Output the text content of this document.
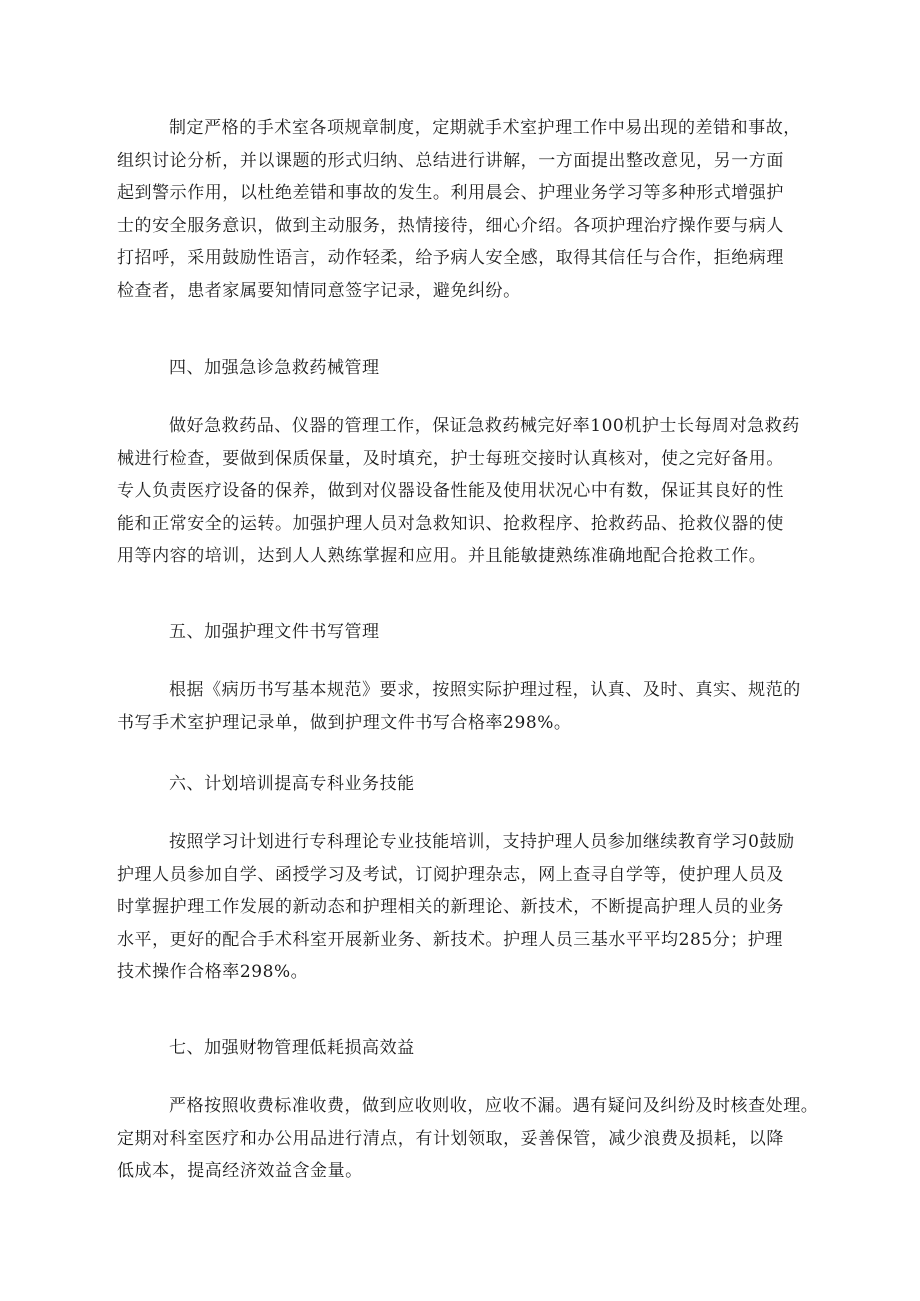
制定严格的手术室各项规章制度，定期就手术室护理工作中易出现的差错和事故，
组织讨论分析，并以课题的形式归纳、总结进行讲解，一方面提出整改意见，另一方面
起到警示作用，以杜绝差错和事故的发生。利用晨会、护理业务学习等多种形式增强护
士的安全服务意识，做到主动服务，热情接待，细心介绍。各项护理治疗操作要与病人
打招呼，采用鼓励性语言，动作轻柔，给予病人安全感，取得其信任与合作，拒绝病理
检查者，患者家属要知情同意签字记录，避免纠纷。
四、加强急诊急救药械管理
做好急救药品、仪器的管理工作，保证急救药械完好率100机护士长每周对急救药
械进行检查，要做到保质保量，及时填充，护士每班交接时认真核对，使之完好备用。
专人负责医疗设备的保养，做到对仪器设备性能及使用状况心中有数，保证其良好的性
能和正常安全的运转。加强护理人员对急救知识、抢救程序、抢救药品、抢救仪器的使
用等内容的培训，达到人人熟练掌握和应用。并且能敏捷熟练准确地配合抢救工作。
五、加强护理文件书写管理
根据《病历书写基本规范》要求，按照实际护理过程，认真、及时、真实、规范的
书写手术室护理记录单，做到护理文件书写合格率298%。
六、计划培训提高专科业务技能
按照学习计划进行专科理论专业技能培训，支持护理人员参加继续教育学习0鼓励
护理人员参加自学、函授学习及考试，订阅护理杂志，网上查寻自学等，使护理人员及
时掌握护理工作发展的新动态和护理相关的新理论、新技术，不断提高护理人员的业务
水平，更好的配合手术科室开展新业务、新技术。护理人员三基水平平均285分；护理
技术操作合格率298%。
七、加强财物管理低耗损高效益
严格按照收费标准收费，做到应收则收，应收不漏。遇有疑问及纠纷及时核查处理。
定期对科室医疗和办公用品进行清点，有计划领取，妥善保管，减少浪费及损耗，以降
低成本，提高经济效益含金量。
